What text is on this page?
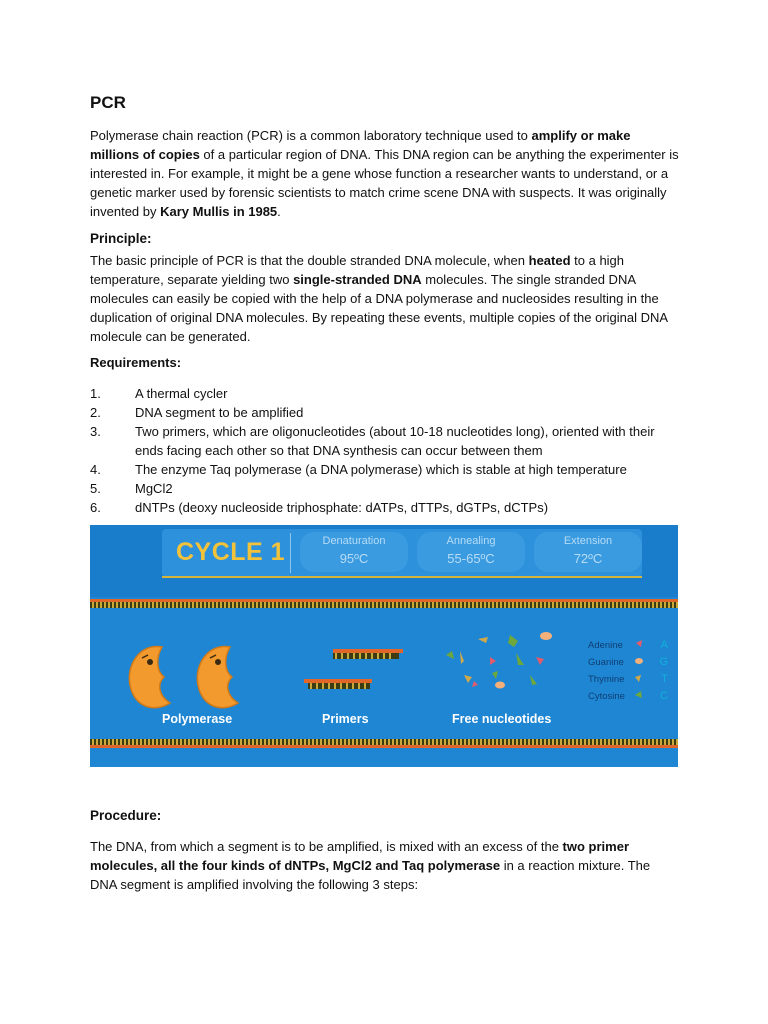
PCR

Polymerase chain reaction (PCR) is a common laboratory technique used to amplify or make millions of copies of a particular region of DNA. This DNA region can be anything the experimenter is interested in. For example, it might be a gene whose function a researcher wants to understand, or a genetic marker used by forensic scientists to match crime scene DNA with suspects. It was originally invented by Kary Mullis in 1985.

Principle:

The basic principle of PCR is that the double stranded DNA molecule, when heated to a high temperature, separate yielding two single-stranded DNA molecules. The single stranded DNA molecules can easily be copied with the help of a DNA polymerase and nucleosides resulting in the duplication of original DNA molecules. By repeating these events, multiple copies of the original DNA molecule can be generated.

Requirements:
1.	A thermal cycler
2.	DNA segment to be amplified
3.	Two primers, which are oligonucleotides (about 10-18 nucleotides long), oriented with their ends facing each other so that DNA synthesis can occur between them
4.	The enzyme Taq polymerase (a DNA polymerase) which is stable at high temperature
5.	MgCl2
6.	dNTPs (deoxy nucleoside triphosphate: dATPs, dTTPs, dGTPs, dCTPs)
CYCLE 1	Denaturation
95ºC
Annealing
55-65ºC
Extension
72ºC
Polymerase	Primers	Free nucleotides
Adenine	A
Guanine	G
Thymine	T
Cytosine	C
Procedure:

The DNA, from which a segment is to be amplified, is mixed with an excess of the two primer molecules, all the four kinds of dNTPs, MgCl2 and Taq polymerase in a reaction mixture. The DNA segment is amplified involving the following 3 steps:
